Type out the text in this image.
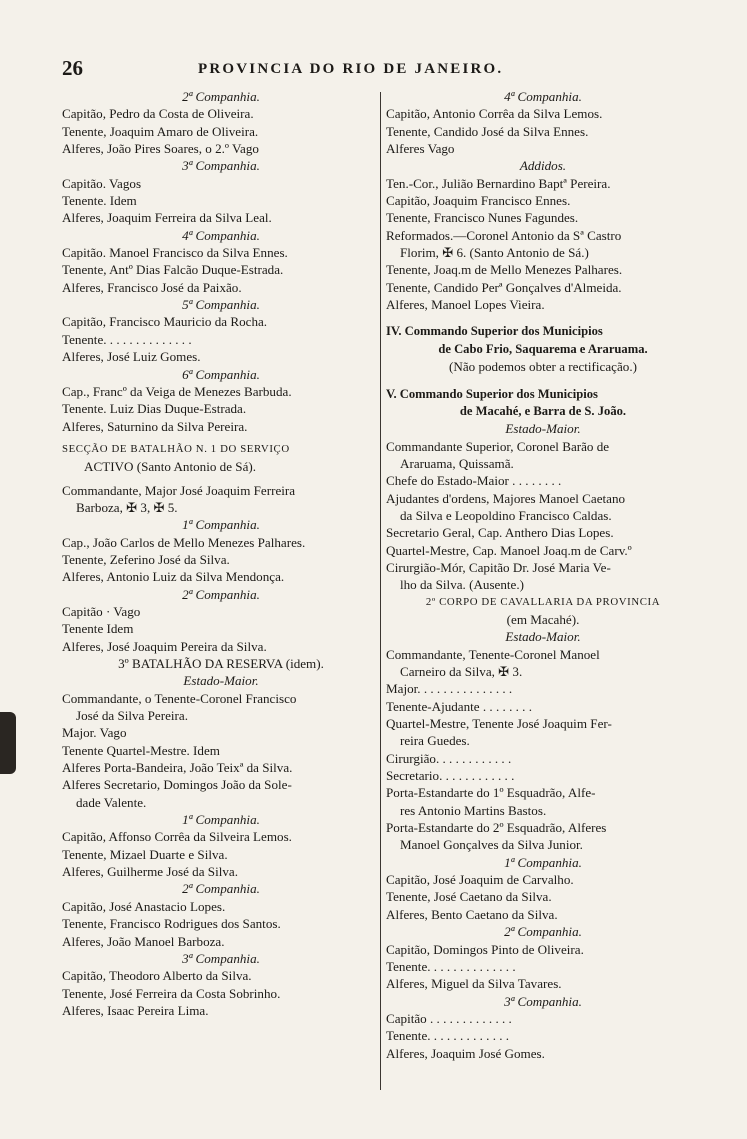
26	PROVINCIA DO RIO DE JANEIRO.
2ª Companhia.
Capitão, Pedro da Costa de Oliveira.
Tenente, Joaquim Amaro de Oliveira.
Alferes, João Pires Soares, o 2.º Vago
3ª Companhia.
Capitão. Vagos
Tenente. Idem
Alferes, Joaquim Ferreira da Silva Leal.
4ª Companhia.
Capitão. Manoel Francisco da Silva Ennes.
Tenente, Antº Dias Falcão Duque-Estrada.
Alferes, Francisco José da Paixão.
5ª Companhia.
Capitão, Francisco Mauricio da Rocha.
Tenente. . . . . . . . . . . . . .
Alferes, José Luiz Gomes.
6ª Companhia.
Cap., Francº da Veiga de Menezes Barbuda.
Tenente. Luiz Dias Duque-Estrada.
Alferes, Saturnino da Silva Pereira.
SECÇÃO DE BATALHÃO N. 1 DO SERVIÇO
ACTIVO (Santo Antonio de Sá).
Commandante, Major José Joaquim Ferreira
Barboza, ✠ 3, ✠ 5.
1ª Companhia.
Cap., João Carlos de Mello Menezes Palhares.
Tenente, Zeferino José da Silva.
Alferes, Antonio Luiz da Silva Mendonça.
2ª Companhia.
Capitão · Vago
Tenente Idem
Alferes, José Joaquim Pereira da Silva.
3º BATALHÃO DA RESERVA (idem).
Estado-Maior.
Commandante, o Tenente-Coronel Francisco
José da Silva Pereira.
Major. Vago
Tenente Quartel-Mestre. Idem
Alferes Porta-Bandeira, João Teixª da Silva.
Alferes Secretario, Domingos João da Sole-
dade Valente.
1ª Companhia.
Capitão, Affonso Corrêa da Silveira Lemos.
Tenente, Mizael Duarte e Silva.
Alferes, Guilherme José da Silva.
2ª Companhia.
Capitão, José Anastacio Lopes.
Tenente, Francisco Rodrigues dos Santos.
Alferes, João Manoel Barboza.
3ª Companhia.
Capitão, Theodoro Alberto da Silva.
Tenente, José Ferreira da Costa Sobrinho.
Alferes, Isaac Pereira Lima.
4ª Companhia.
Capitão, Antonio Corrêa da Silva Lemos.
Tenente, Candido José da Silva Ennes.
Alferes Vago
Addidos.
Ten.-Cor., Julião Bernardino Baptª Pereira.
Capitão, Joaquim Francisco Ennes.
Tenente, Francisco Nunes Fagundes.
Reformados.—Coronel Antonio da Sª Castro
Florim, ✠ 6. (Santo Antonio de Sá.)
Tenente, Joaq.m de Mello Menezes Palhares.
Tenente, Candido Perª Gonçalves d'Almeida.
Alferes, Manoel Lopes Vieira.
IV. Commando Superior dos Municipios
de Cabo Frio, Saquarema e Araruama.
(Não podemos obter a rectificação.)
V. Commando Superior dos Municipios
de Macahé, e Barra de S. João.
Estado-Maior.
Commandante Superior, Coronel Barão de
Araruama, Quissamã.
Chefe do Estado-Maior . . . . . . . .
Ajudantes d'ordens, Majores Manoel Caetano
da Silva e Leopoldino Francisco Caldas.
Secretario Geral, Cap. Anthero Dias Lopes.
Quartel-Mestre, Cap. Manoel Joaq.m de Carv.º
Cirurgião-Mór, Capitão Dr. José Maria Ve-
lho da Silva. (Ausente.)
2º CORPO DE CAVALLARIA DA PROVINCIA
(em Macahé).
Estado-Maior.
Commandante, Tenente-Coronel Manoel
Carneiro da Silva, ✠ 3.
Major. . . . . . . . . . . . . . .
Tenente-Ajudante . . . . . . . .
Quartel-Mestre, Tenente José Joaquim Fer-
reira Guedes.
Cirurgião. . . . . . . . . . . .
Secretario. . . . . . . . . . . .
Porta-Estandarte do 1º Esquadrão, Alfe-
res Antonio Martins Bastos.
Porta-Estandarte do 2º Esquadrão, Alferes
Manoel Gonçalves da Silva Junior.
1ª Companhia.
Capitão, José Joaquim de Carvalho.
Tenente, José Caetano da Silva.
Alferes, Bento Caetano da Silva.
2ª Companhia.
Capitão, Domingos Pinto de Oliveira.
Tenente. . . . . . . . . . . . . .
Alferes, Miguel da Silva Tavares.
3ª Companhia.
Capitão . . . . . . . . . . . . .
Tenente. . . . . . . . . . . . .
Alferes, Joaquim José Gomes.
